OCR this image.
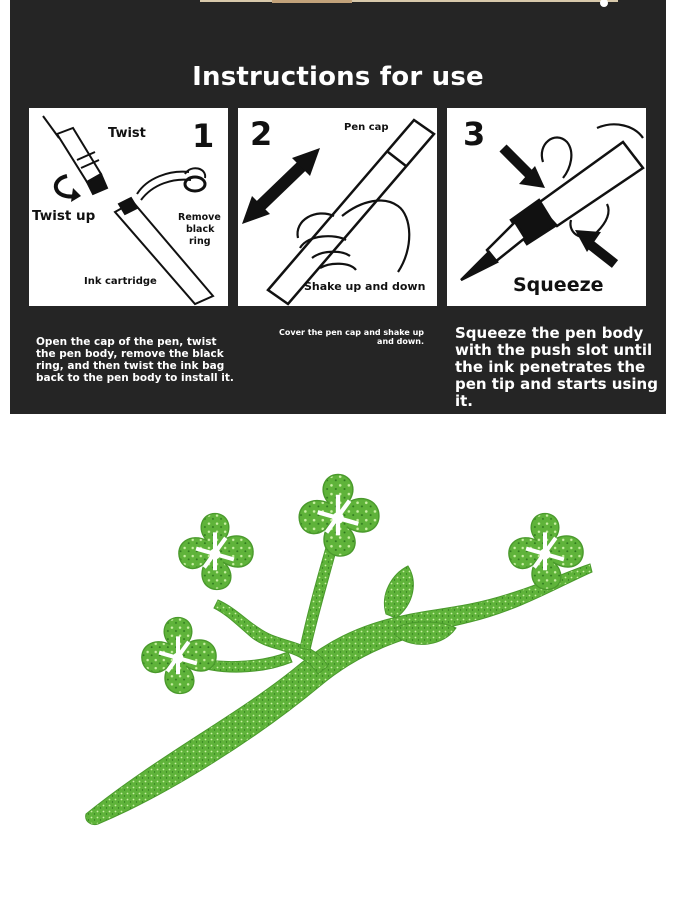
Instructions for use
Twist 1
Twist up	Remove
black
ring
Ink cartridge
2	Pen cap
Shake up and down
3
Squeeze
Open the cap of the pen, twist the pen body, remove the black ring, and then twist the ink bag back to the pen body to install it.
Cover the pen cap and shake up and down. Squeeze the pen body with the push slot until the ink penetrates the pen tip and starts using it.
